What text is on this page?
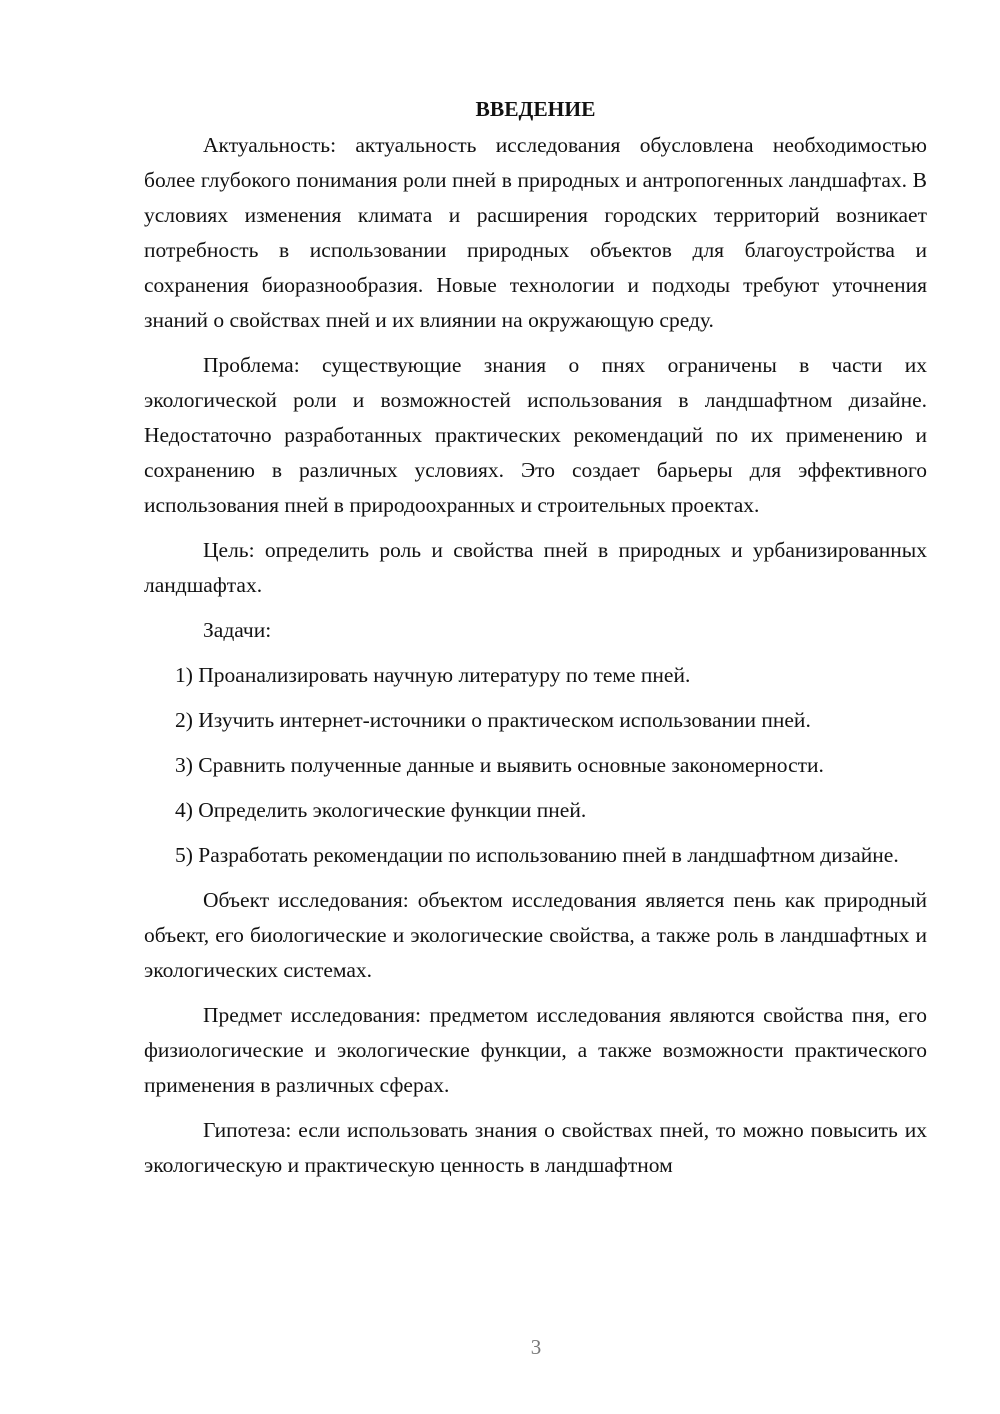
ВВЕДЕНИЕ

Актуальность: актуальность исследования обусловлена необходимостью более глубокого понимания роли пней в природных и антропогенных ландшафтах. В условиях изменения климата и расширения городских территорий возникает потребность в использовании природных объектов для благоустройства и сохранения биоразнообразия. Новые технологии и подходы требуют уточнения знаний о свойствах пней и их влиянии на окружающую среду.

Проблема: существующие знания о пнях ограничены в части их экологической роли и возможностей использования в ландшафтном дизайне. Недостаточно разработанных практических рекомендаций по их применению и сохранению в различных условиях. Это создает барьеры для эффективного использования пней в природоохранных и строительных проектах.

Цель: определить роль и свойства пней в природных и урбанизированных ландшафтах.

Задачи:

1) Проанализировать научную литературу по теме пней.

2) Изучить интернет-источники о практическом использовании пней.

3) Сравнить полученные данные и выявить основные закономерности.

4) Определить экологические функции пней.

5) Разработать рекомендации по использованию пней в ландшафтном дизайне.

Объект исследования: объектом исследования является пень как природный объект, его биологические и экологические свойства, а также роль в ландшафтных и экологических системах.

Предмет исследования: предметом исследования являются свойства пня, его физиологические и экологические функции, а также возможности практического применения в различных сферах.

Гипотеза: если использовать знания о свойствах пней, то можно повысить их экологическую и практическую ценность в ландшафтном

3
